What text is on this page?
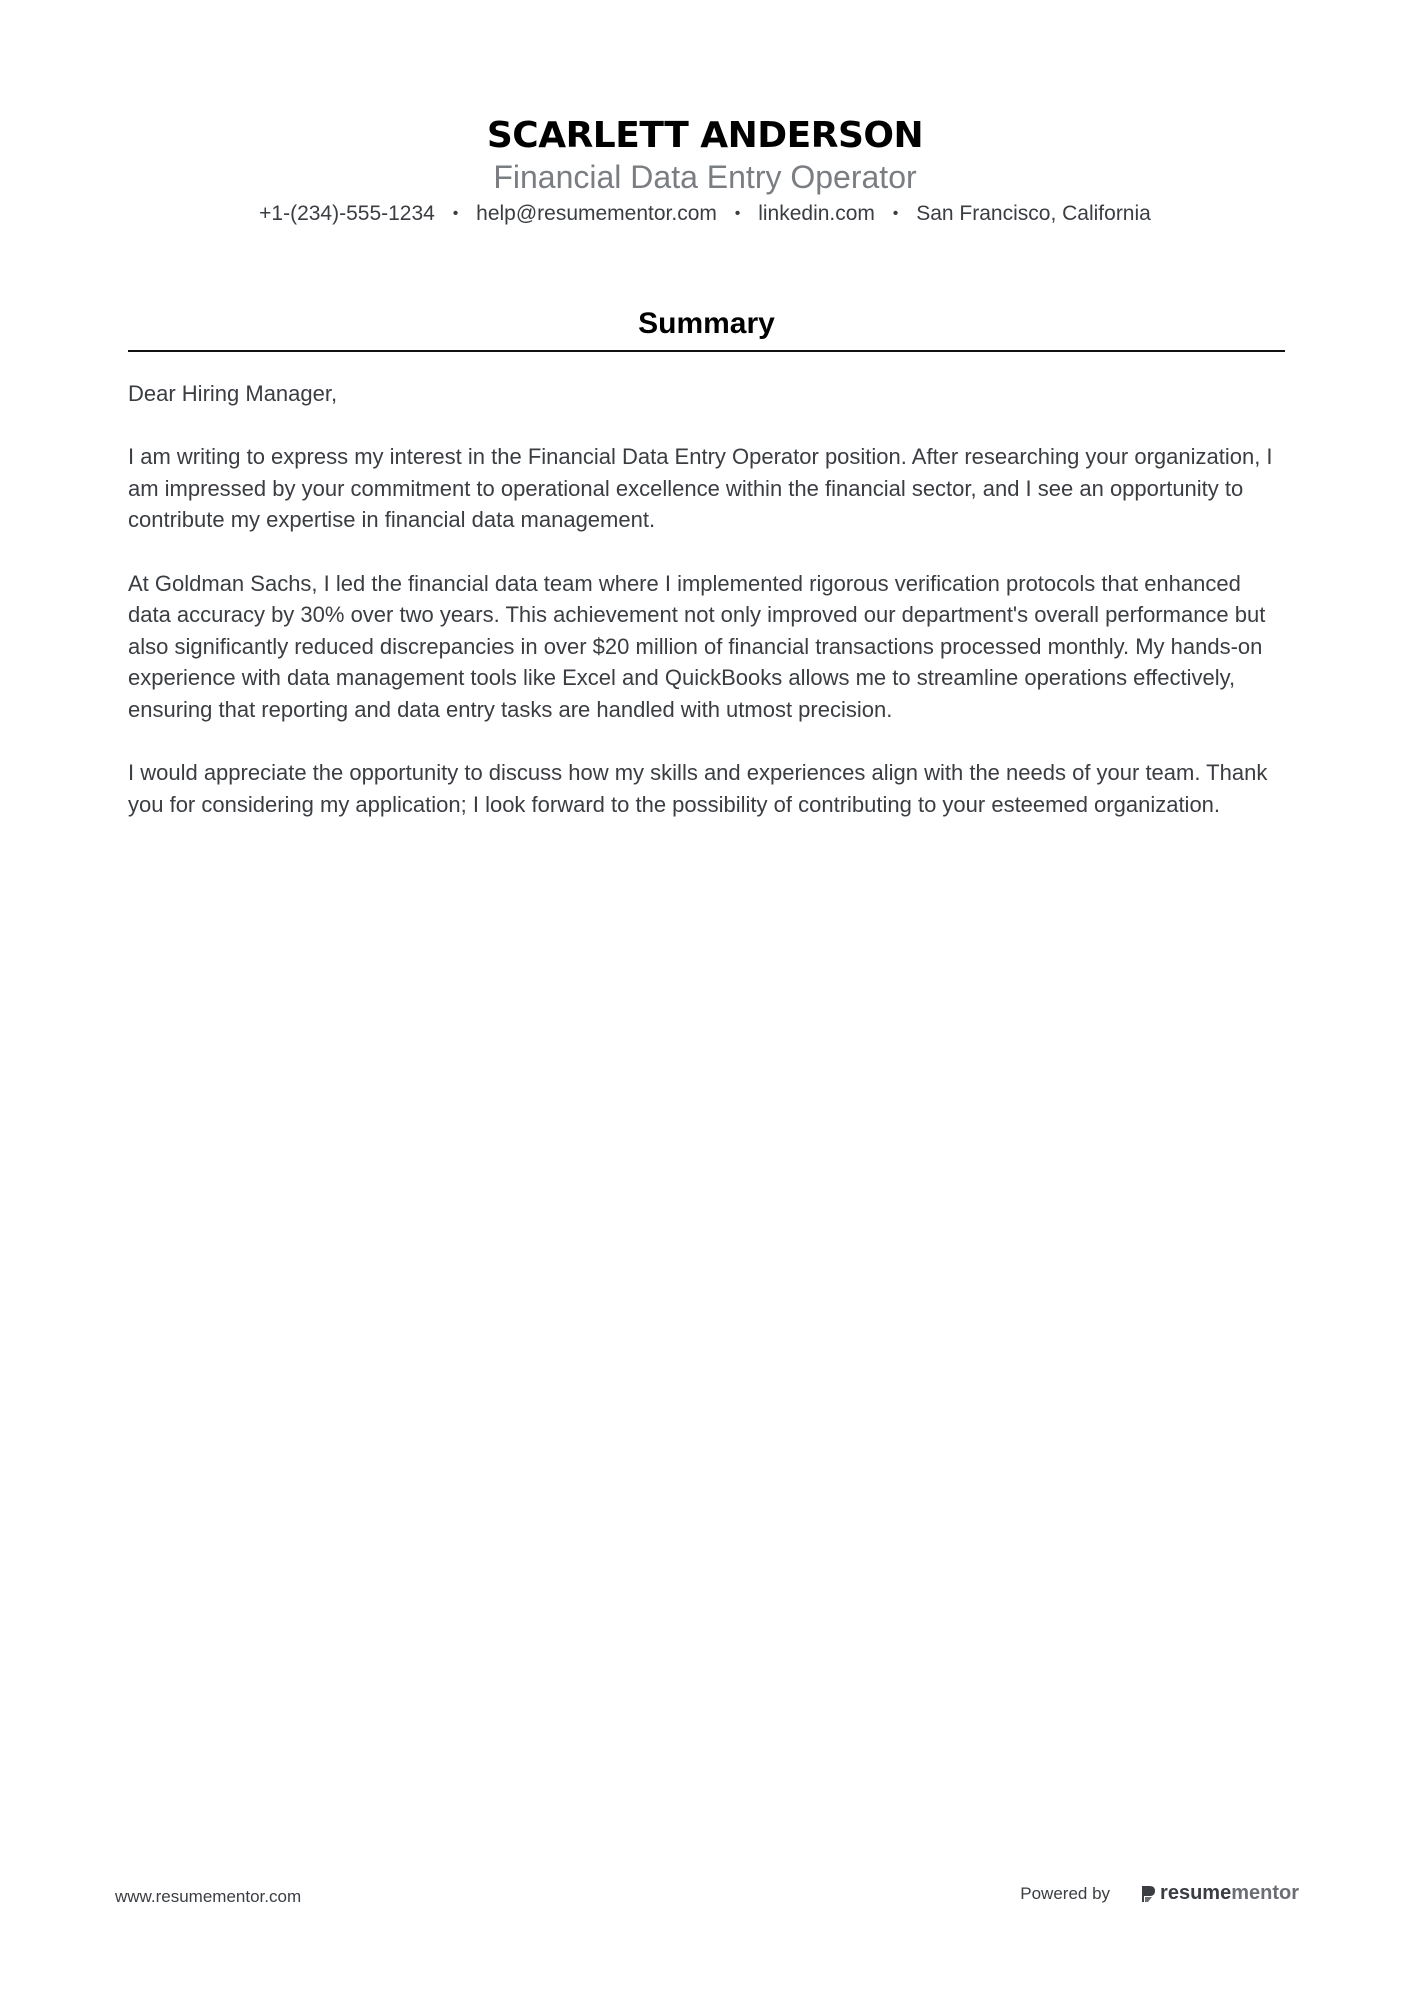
SCARLETT ANDERSON
Financial Data Entry Operator
+1-(234)-555-1234 • help@resumementor.com • linkedin.com • San Francisco, California
Summary

Dear Hiring Manager,

I am writing to express my interest in the Financial Data Entry Operator position. After researching your organization, I am impressed by your commitment to operational excellence within the financial sector, and I see an opportunity to contribute my expertise in financial data management.

At Goldman Sachs, I led the financial data team where I implemented rigorous verification protocols that enhanced data accuracy by 30% over two years. This achievement not only improved our department's overall performance but also significantly reduced discrepancies in over $20 million of financial transactions processed monthly. My hands-on experience with data management tools like Excel and QuickBooks allows me to streamline operations effectively, ensuring that reporting and data entry tasks are handled with utmost precision.

I would appreciate the opportunity to discuss how my skills and experiences align with the needs of your team. Thank you for considering my application; I look forward to the possibility of contributing to your esteemed organization.

www.resumementor.com	Powered by	resume mentor
